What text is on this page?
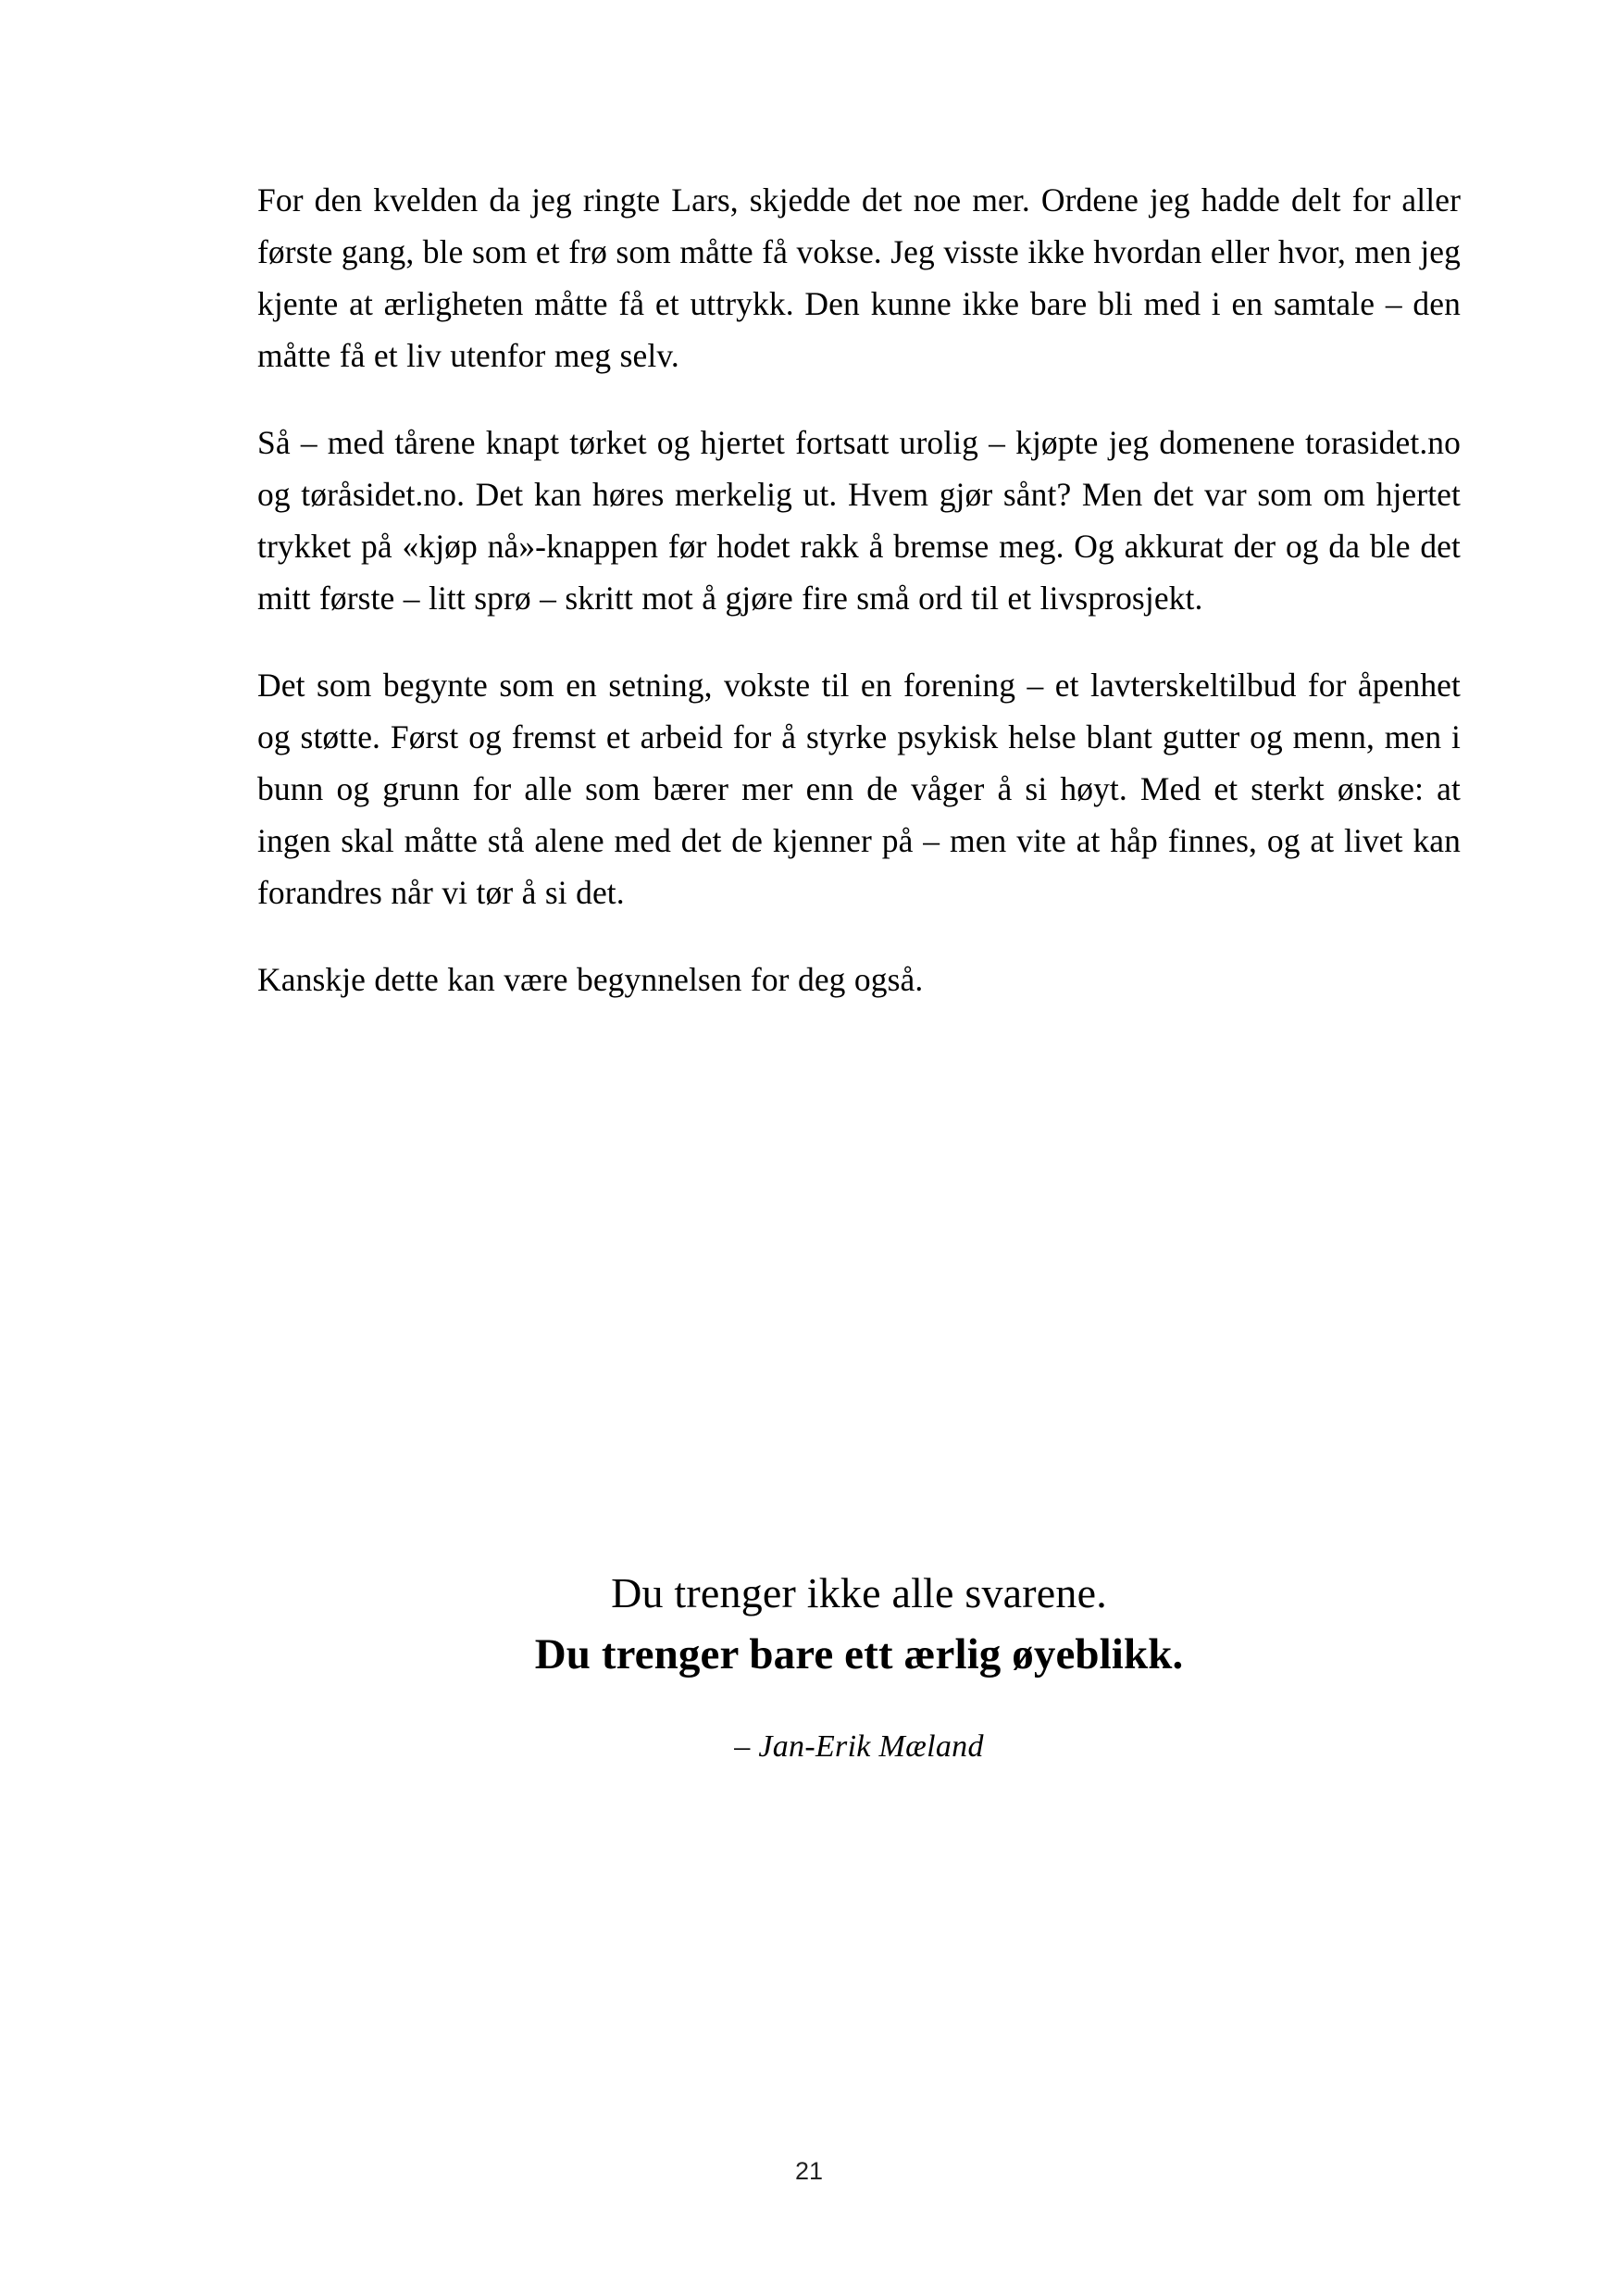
For den kvelden da jeg ringte Lars, skjedde det noe mer. Ordene jeg hadde delt for aller første gang, ble som et frø som måtte få vokse. Jeg visste ikke hvordan eller hvor, men jeg kjente at ærligheten måtte få et uttrykk. Den kunne ikke bare bli med i en samtale – den måtte få et liv utenfor meg selv.

Så – med tårene knapt tørket og hjertet fortsatt urolig – kjøpte jeg domenene torasidet.no og tøråsidet.no. Det kan høres merkelig ut. Hvem gjør sånt? Men det var som om hjertet trykket på «kjøp nå»-knappen før hodet rakk å bremse meg. Og akkurat der og da ble det mitt første – litt sprø – skritt mot å gjøre fire små ord til et livsprosjekt.

Det som begynte som en setning, vokste til en forening – et lavterskeltilbud for åpenhet og støtte. Først og fremst et arbeid for å styrke psykisk helse blant gutter og menn, men i bunn og grunn for alle som bærer mer enn de våger å si høyt. Med et sterkt ønske: at ingen skal måtte stå alene med det de kjenner på – men vite at håp finnes, og at livet kan forandres når vi tør å si det.

Kanskje dette kan være begynnelsen for deg også.

Du trenger ikke alle svarene.
Du trenger bare ett ærlig øyeblikk.
– Jan-Erik Mæland
21
